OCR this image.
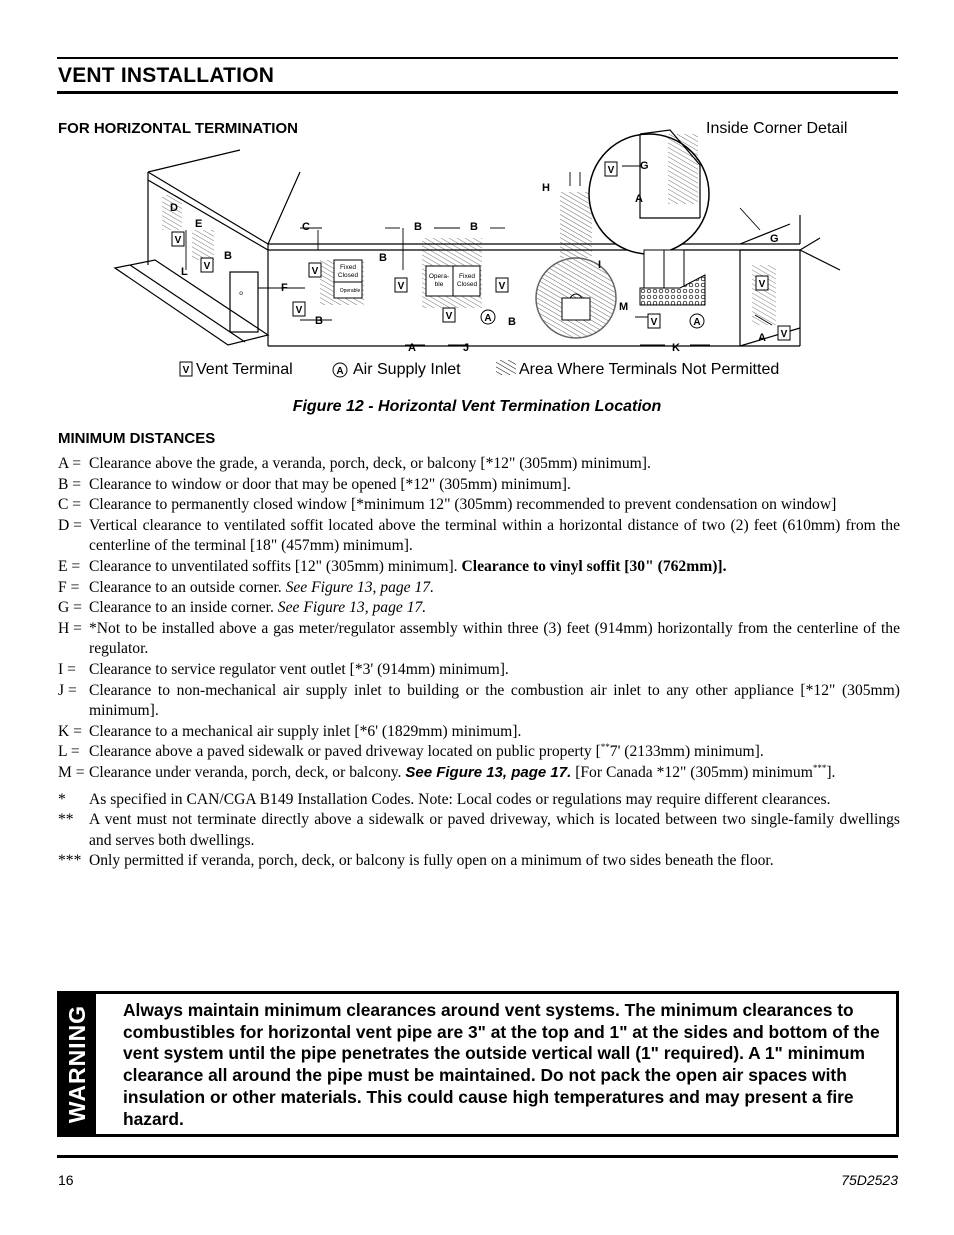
VENT INSTALLATION
FOR HORIZONTAL TERMINATION
D
E
B
L
C
F
B
B
B	B
B
A	J
H
I
M
G
A
G
K
A
Fixed
Closed
Operable
Opera-
ble
Fixed
Closed
o
V
V	V
V
V
V
V
V
V
V
V
A	A
V Vent Terminal	A Air Supply Inlet	Area Where Terminals Not Permitted
Inside Corner Detail
Figure 12 - Horizontal Vent Termination Location
MINIMUM DISTANCES
A = Clearance above the grade, a veranda, porch, deck, or balcony [*12" (305mm) minimum].
B = Clearance to window or door that may be opened [*12" (305mm) minimum].
C = Clearance to permanently closed window [*minimum 12" (305mm) recommended to prevent condensation on window]
D = Vertical clearance to ventilated soffit located above the terminal within a horizontal distance of two (2) feet (610mm) from the centerline of the terminal [18" (457mm) minimum].
E = Clearance to unventilated soffits [12" (305mm) minimum]. Clearance to vinyl soffit [30" (762mm)].
F = Clearance to an outside corner. See Figure 13, page 17.
G = Clearance to an inside corner. See Figure 13, page 17.
H = *Not to be installed above a gas meter/regulator assembly within three (3) feet (914mm) horizontally from the centerline of the regulator.
I = Clearance to service regulator vent outlet [*3' (914mm) minimum].
J = Clearance to non-mechanical air supply inlet to building or the combustion air inlet to any other appliance [*12" (305mm) minimum].
K = Clearance to a mechanical air supply inlet [*6' (1829mm) minimum].
L = Clearance above a paved sidewalk or paved driveway located on public property [**7' (2133mm) minimum].
M = Clearance under veranda, porch, deck, or balcony. See Figure 13, page 17. [For Canada *12" (305mm) minimum***].
*	As specified in CAN/CGA B149 Installation Codes. Note: Local codes or regulations may require different clearances.
** A vent must not terminate directly above a sidewalk or paved driveway, which is located between two single-family dwellings and serves both dwellings.
*** Only permitted if veranda, porch, deck, or balcony is fully open on a minimum of two sides beneath the floor.
WARNING Always maintain minimum clearances around vent systems. The minimum clearances to combustibles for horizontal vent pipe are 3" at the top and 1" at the sides and bottom of the vent system until the pipe penetrates the outside vertical wall (1" required). A 1" minimum clearance all around the pipe must be maintained. Do not pack the open air spaces with insulation or other materials. This could cause high temperatures and may present a fire hazard.
16	75D2523
